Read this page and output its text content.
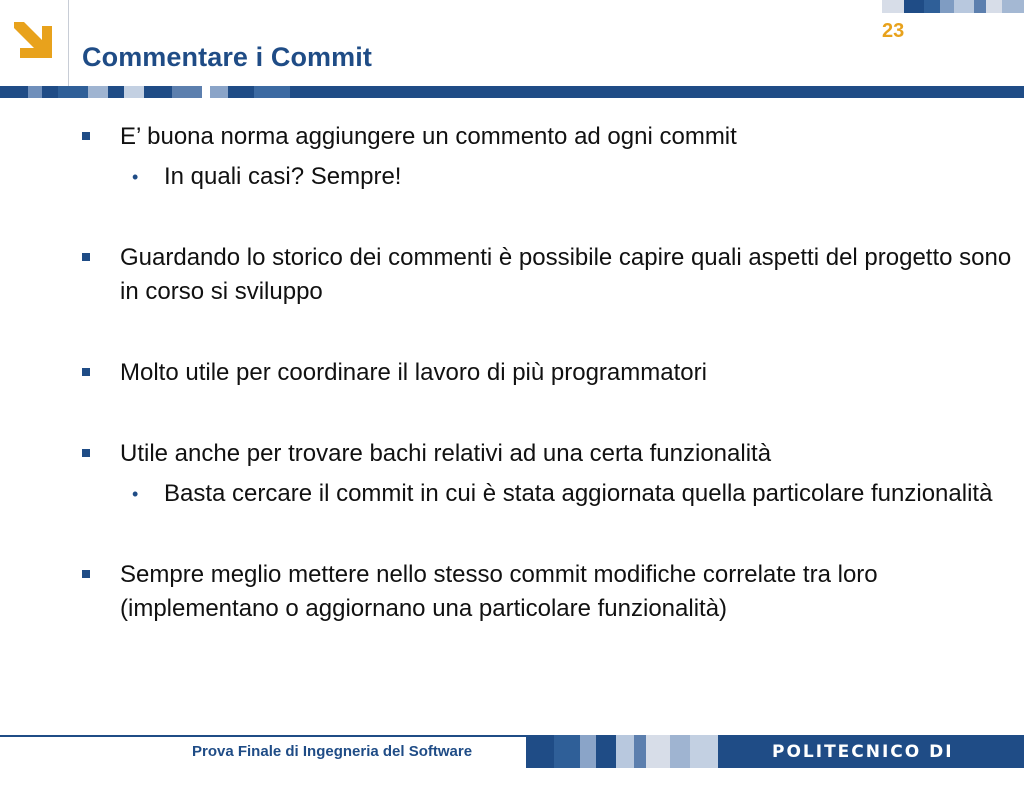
23
Commentare i Commit
E’ buona norma aggiungere un commento ad ogni commit
• In quali casi? Sempre!
Guardando lo storico dei commenti è possibile capire quali aspetti del progetto sono in corso si sviluppo
Molto utile per coordinare il lavoro di più programmatori
Utile anche per trovare bachi relativi ad una certa funzionalità
• Basta cercare il commit in cui è stata aggiornata quella particolare funzionalità
Sempre meglio mettere nello stesso commit modifiche correlate tra loro (implementano o aggiornano una particolare funzionalità)
Prova Finale di Ingegneria del Software	POLITECNICO DI MILANO
